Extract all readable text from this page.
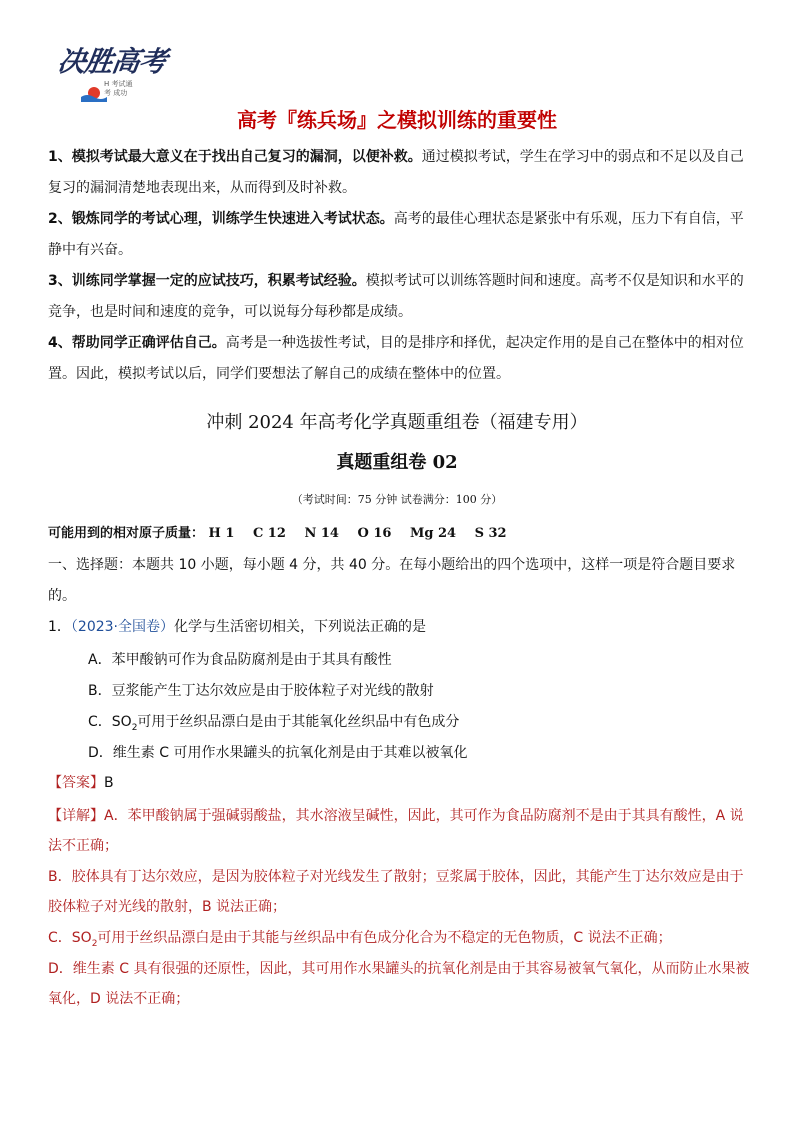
决胜高考
H 考试通
考 成功
高考『练兵场』之模拟训练的重要性
1、模拟考试最大意义在于找出自己复习的漏洞，以便补救。通过模拟考试，学生在学习中的弱点和不足以及自己复习的漏洞清楚地表现出来，从而得到及时补救。
2、锻炼同学的考试心理，训练学生快速进入考试状态。高考的最佳心理状态是紧张中有乐观，压力下有自信，平静中有兴奋。
3、训练同学掌握一定的应试技巧，积累考试经验。模拟考试可以训练答题时间和速度。高考不仅是知识和水平的竞争，也是时间和速度的竞争，可以说每分每秒都是成绩。
4、帮助同学正确评估自己。高考是一种选拔性考试，目的是排序和择优，起决定作用的是自己在整体中的相对位置。因此，模拟考试以后，同学们要想法了解自己的成绩在整体中的位置。
冲刺 2024 年高考化学真题重组卷（福建专用）
真题重组卷 02
（考试时间：75 分钟 试卷满分：100 分）
可能用到的相对原子质量： H 1 C 12 N 14 O 16 Mg 24 S 32
一、选择题：本题共 10 小题，每小题 4 分，共 40 分。在每小题给出的四个选项中，这样一项是符合题目要求的。
1．（2023·全国卷）化学与生活密切相关，下列说法正确的是
A．苯甲酸钠可作为食品防腐剂是由于其具有酸性
B．豆浆能产生丁达尔效应是由于胶体粒子对光线的散射
C．$SO_2$可用于丝织品漂白是由于其能氧化丝织品中有色成分
D．维生素 C 可用作水果罐头的抗氧化剂是由于其难以被氧化
【答案】B
【详解】A．苯甲酸钠属于强碱弱酸盐，其水溶液呈碱性，因此，其可作为食品防腐剂不是由于其具有酸性，A 说法不正确；
B．胶体具有丁达尔效应，是因为胶体粒子对光线发生了散射；豆浆属于胶体，因此，其能产生丁达尔效应是由于胶体粒子对光线的散射，B 说法正确；
C．$SO_2$可用于丝织品漂白是由于其能与丝织品中有色成分化合为不稳定的无色物质，C 说法不正确；
D．维生素 C 具有很强的还原性，因此，其可用作水果罐头的抗氧化剂是由于其容易被氧气氧化，从而防止水果被氧化，D 说法不正确；
